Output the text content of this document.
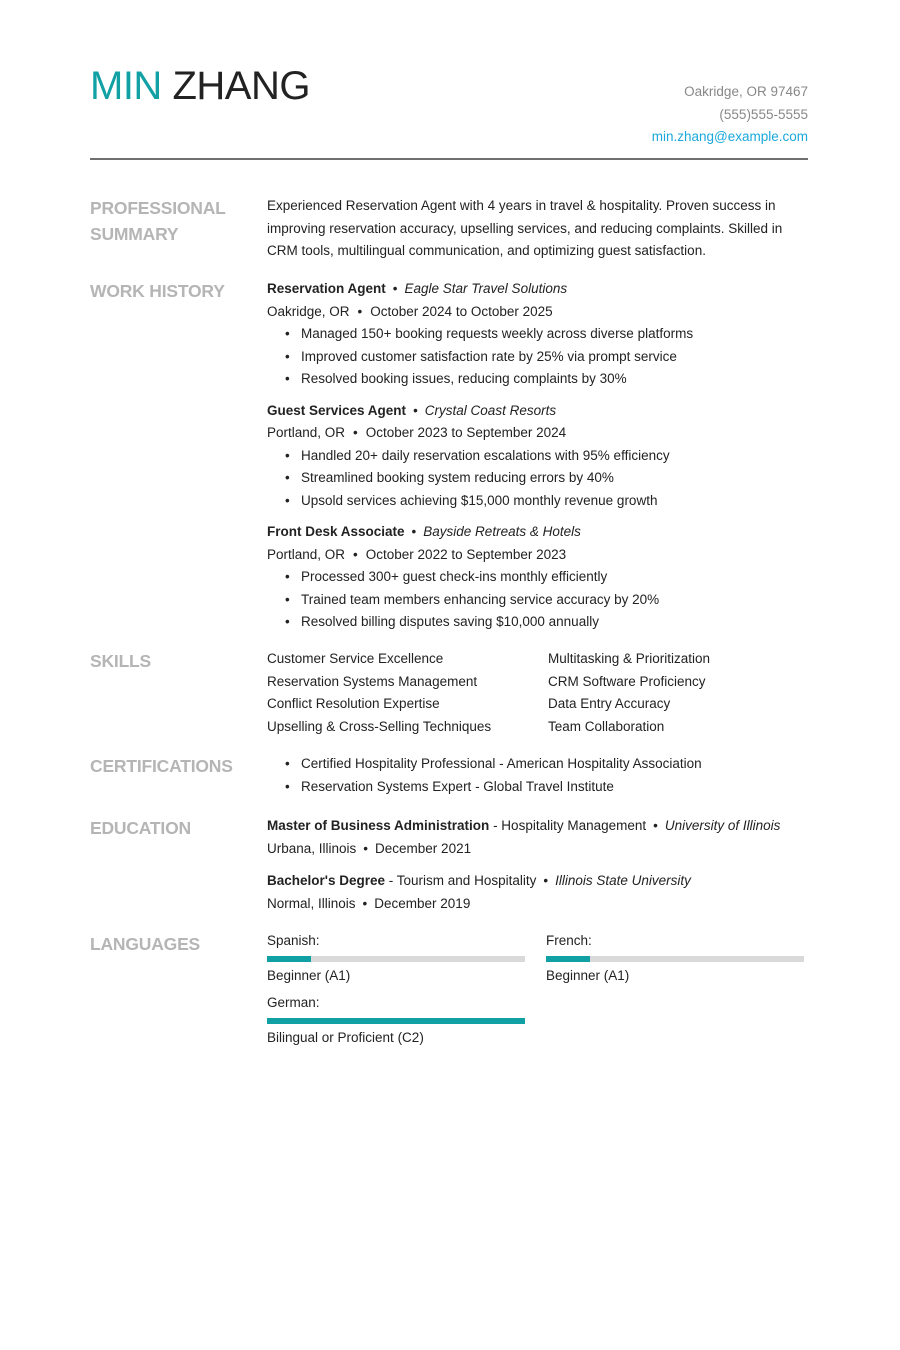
MIN ZHANG	Oakridge, OR 97467
(555)555-5555
min.zhang@example.com
PROFESSIONAL SUMMARY
Experienced Reservation Agent with 4 years in travel & hospitality. Proven success in improving reservation accuracy, upselling services, and reducing complaints. Skilled in CRM tools, multilingual communication, and optimizing guest satisfaction.
WORK HISTORY	Reservation Agent • Eagle Star Travel Solutions
Oakridge, OR • October 2024 to October 2025
• Managed 150+ booking requests weekly across diverse platforms
• Improved customer satisfaction rate by 25% via prompt service
• Resolved booking issues, reducing complaints by 30%
Guest Services Agent • Crystal Coast Resorts
Portland, OR • October 2023 to September 2024
• Handled 20+ daily reservation escalations with 95% efficiency
• Streamlined booking system reducing errors by 40%
• Upsold services achieving $15,000 monthly revenue growth
Front Desk Associate • Bayside Retreats & Hotels
Portland, OR • October 2022 to September 2023
• Processed 300+ guest check-ins monthly efficiently
• Trained team members enhancing service accuracy by 20%
• Resolved billing disputes saving $10,000 annually
SKILLS	Customer Service Excellence	Multitasking & Prioritization
Reservation Systems Management	CRM Software Proficiency
Conflict Resolution Expertise	Data Entry Accuracy
Upselling & Cross-Selling Techniques	Team Collaboration
CERTIFICATIONS
•	Certified Hospitality Professional - American Hospitality Association
• Reservation Systems Expert - Global Travel Institute
EDUCATION	Master of Business Administration - Hospitality Management • University of Illinois
Urbana, Illinois • December 2021
Bachelor's Degree - Tourism and Hospitality • Illinois State University
Normal, Illinois • December 2019
LANGUAGES	Spanish:
Beginner (A1)
French:
Beginner (A1)
German:
Bilingual or Proficient (C2)
